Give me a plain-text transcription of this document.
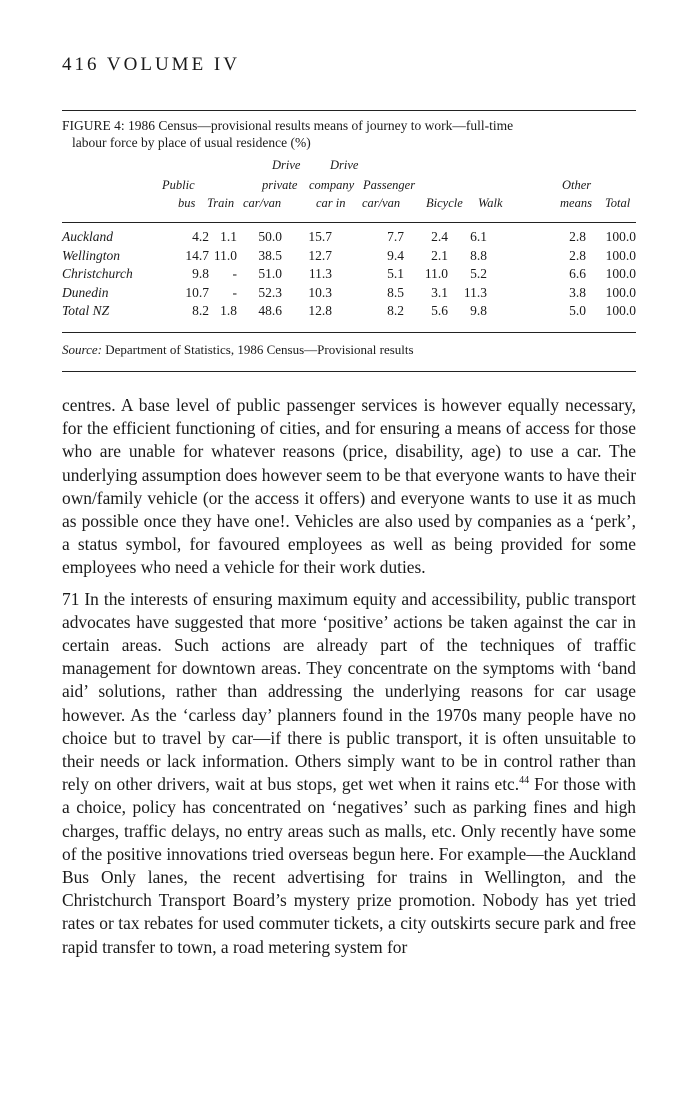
416 VOLUME IV
FIGURE 4: 1986 Census—provisional results means of journey to work—full-time
labour force by place of usual residence (%)
Drive Drive
Public	private company Passenger	Other
bus Train car/van	car in car/van Bicycle Walk	means Total
Auckland	4.2 1.1 50.0 15.7	7.7 2.4 6.1	2.8 100.0
Wellington	14.7 11.0 38.5 12.7	9.4 2.1 8.8	2.8 100.0
Christchurch	9.8 - 51.0 11.3	5.1 11.0 5.2	6.6 100.0
Dunedin	10.7 - 52.3 10.3	8.5 3.1 11.3	3.8 100.0
Total NZ	8.2 1.8 48.6 12.8	8.2 5.6 9.8	5.0 100.0
Source: Department of Statistics, 1986 Census—Provisional results

centres. A base level of public passenger services is however equally necessary, for the efficient functioning of cities, and for ensuring a means of access for those who are unable for whatever reasons (price, disability, age) to use a car. The underlying assumption does however seem to be that everyone wants to have their own/family vehicle (or the access it offers) and everyone wants to use it as much as possible once they have one!. Vehicles are also used by companies as a ‘perk’, a status symbol, for favoured employees as well as being provided for some employees who need a vehicle for their work duties.

71 In the interests of ensuring maximum equity and accessibility, public transport advocates have suggested that more ‘positive’ actions be taken against the car in certain areas. Such actions are already part of the techniques of traffic management for downtown areas. They concentrate on the symptoms with ‘band aid’ solutions, rather than addressing the underlying reasons for car usage however. As the ‘carless day’ planners found in the 1970s many people have no choice but to travel by car—if there is public transport, it is often unsuitable to their needs or lack information. Others simply want to be in control rather than rely on other drivers, wait at bus stops, get wet when it rains etc.$^{44}$ For those with a choice, policy has concentrated on ‘negatives’ such as parking fines and high charges, traffic delays, no entry areas such as malls, etc. Only recently have some of the positive innovations tried overseas begun here. For example—the Auckland Bus Only lanes, the recent advertising for trains in Wellington, and the Christchurch Transport Board’s mystery prize promotion. Nobody has yet tried rates or tax rebates for used commuter tickets, a city outskirts secure park and free rapid transfer to town, a road metering system for
